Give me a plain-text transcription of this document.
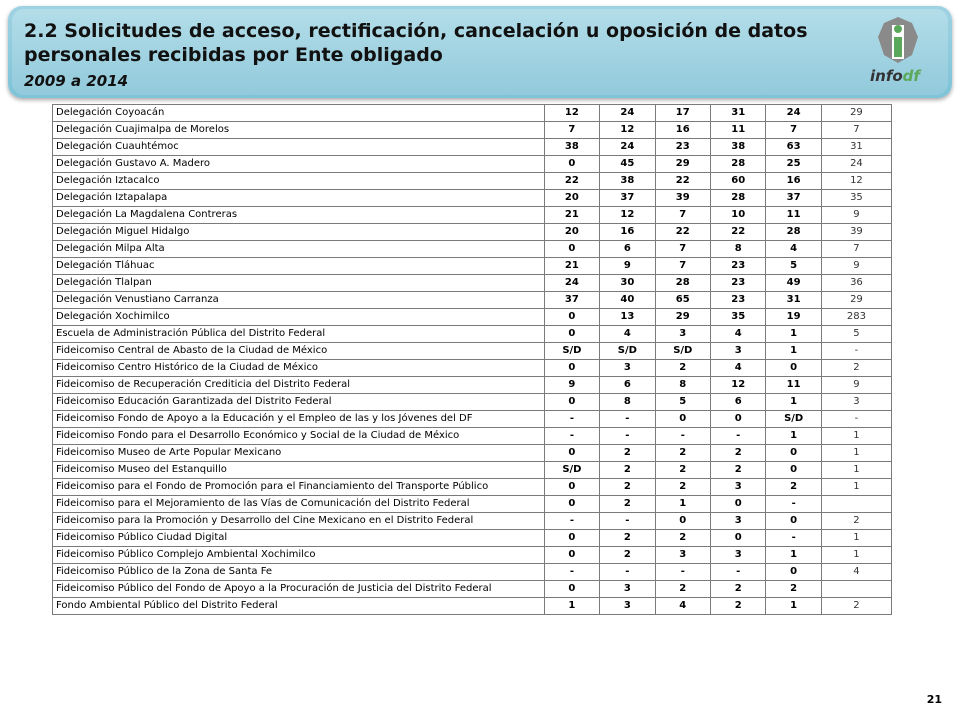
2.2 Solicitudes de acceso, rectificación, cancelación u oposición de datos personales recibidas por Ente obligado
2009 a 2014	infodf
Delegación Coyoacán	12	24	17	31	24	29
Delegación Cuajimalpa de Morelos	7	12	16	11	7	7
Delegación Cuauhtémoc	38	24	23	38	63	31
Delegación Gustavo A. Madero	0	45	29	28	25	24
Delegación Iztacalco	22	38	22	60	16	12
Delegación Iztapalapa	20	37	39	28	37	35
Delegación La Magdalena Contreras	21	12	7	10	11	9
Delegación Miguel Hidalgo	20	16	22	22	28	39
Delegación Milpa Alta	0	6	7	8	4	7
Delegación Tláhuac	21	9	7	23	5	9
Delegación Tlalpan	24	30	28	23	49	36
Delegación Venustiano Carranza	37	40	65	23	31	29
Delegación Xochimilco	0	13	29	35	19	283
Escuela de Administración Pública del Distrito Federal	0	4	3	4	1	5
Fideicomiso Central de Abasto de la Ciudad de México	S/D	S/D	S/D	3	1	-
Fideicomiso Centro Histórico de la Ciudad de México	0	3	2	4	0	2
Fideicomiso de Recuperación Crediticia del Distrito Federal	9	6	8	12	11	9
Fideicomiso Educación Garantizada del Distrito Federal	0	8	5	6	1	3
Fideicomiso Fondo de Apoyo a la Educación y el Empleo de las y los Jóvenes del DF	-	-	0	0	S/D	-
Fideicomiso Fondo para el Desarrollo Económico y Social de la Ciudad de México	-	-	-	-	1	1
Fideicomiso Museo de Arte Popular Mexicano	0	2	2	2	0	1
Fideicomiso Museo del Estanquillo	S/D	2	2	2	0	1
Fideicomiso para el Fondo de Promoción para el Financiamiento del Transporte Público	0	2	2	3	2	1
Fideicomiso para el Mejoramiento de las Vías de Comunicación del Distrito Federal	0	2	1	0	-	
Fideicomiso para la Promoción y Desarrollo del Cine Mexicano en el Distrito Federal	-	-	0	3	0	2
Fideicomiso Público Ciudad Digital	0	2	2	0	-	1
Fideicomiso Público Complejo Ambiental Xochimilco	0	2	3	3	1	1
Fideicomiso Público de la Zona de Santa Fe	-	-	-	-	0	4
Fideicomiso Público del Fondo de Apoyo a la Procuración de Justicia del Distrito Federal	0	3	2	2	2	
Fondo Ambiental Público del Distrito Federal	1	3	4	2	1	2
21
